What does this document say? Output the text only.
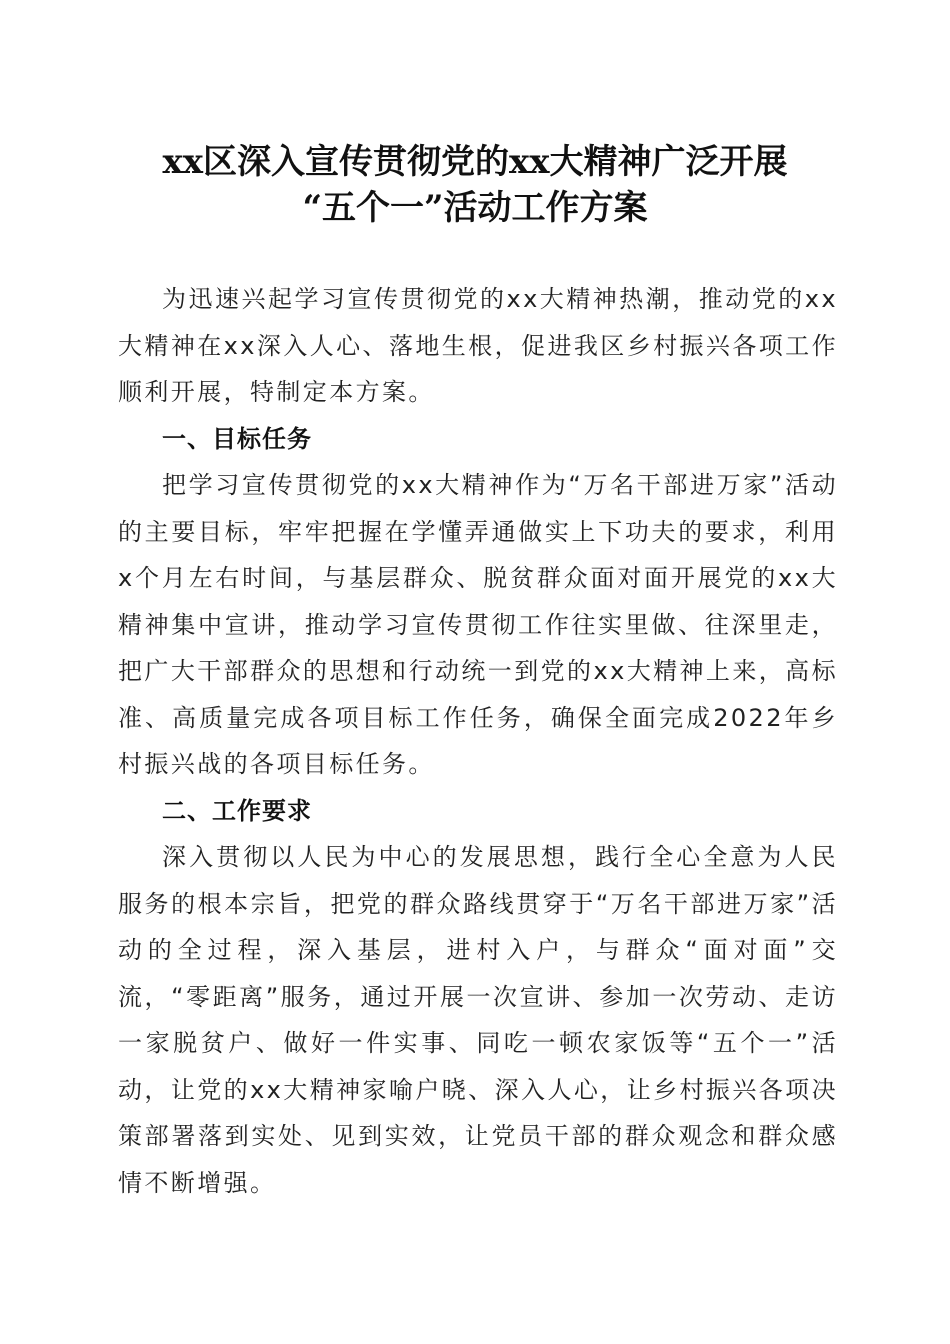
xx区深入宣传贯彻党的xx大精神广泛开展
“五个一”活动工作方案

为迅速兴起学习宣传贯彻党的xx大精神热潮，推动党的xx大精神在xx深入人心、落地生根，促进我区乡村振兴各项工作顺利开展，特制定本方案。

一、目标任务

把学习宣传贯彻党的xx大精神作为“万名干部进万家”活动的主要目标，牢牢把握在学懂弄通做实上下功夫的要求，利用x个月左右时间，与基层群众、脱贫群众面对面开展党的xx大精神集中宣讲，推动学习宣传贯彻工作往实里做、往深里走，把广大干部群众的思想和行动统一到党的xx大精神上来，高标准、高质量完成各项目标工作任务，确保全面完成2022年乡村振兴战的各项目标任务。

二、工作要求

深入贯彻以人民为中心的发展思想，践行全心全意为人民服务的根本宗旨，把党的群众路线贯穿于“万名干部进万家”活动的全过程，深入基层，进村入户，与群众“面对面”交流，“零距离”服务，通过开展一次宣讲、参加一次劳动、走访一家脱贫户、做好一件实事、同吃一顿农家饭等“五个一”活动，让党的xx大精神家喻户晓、深入人心，让乡村振兴各项决策部署落到实处、见到实效，让党员干部的群众观念和群众感情不断增强。
